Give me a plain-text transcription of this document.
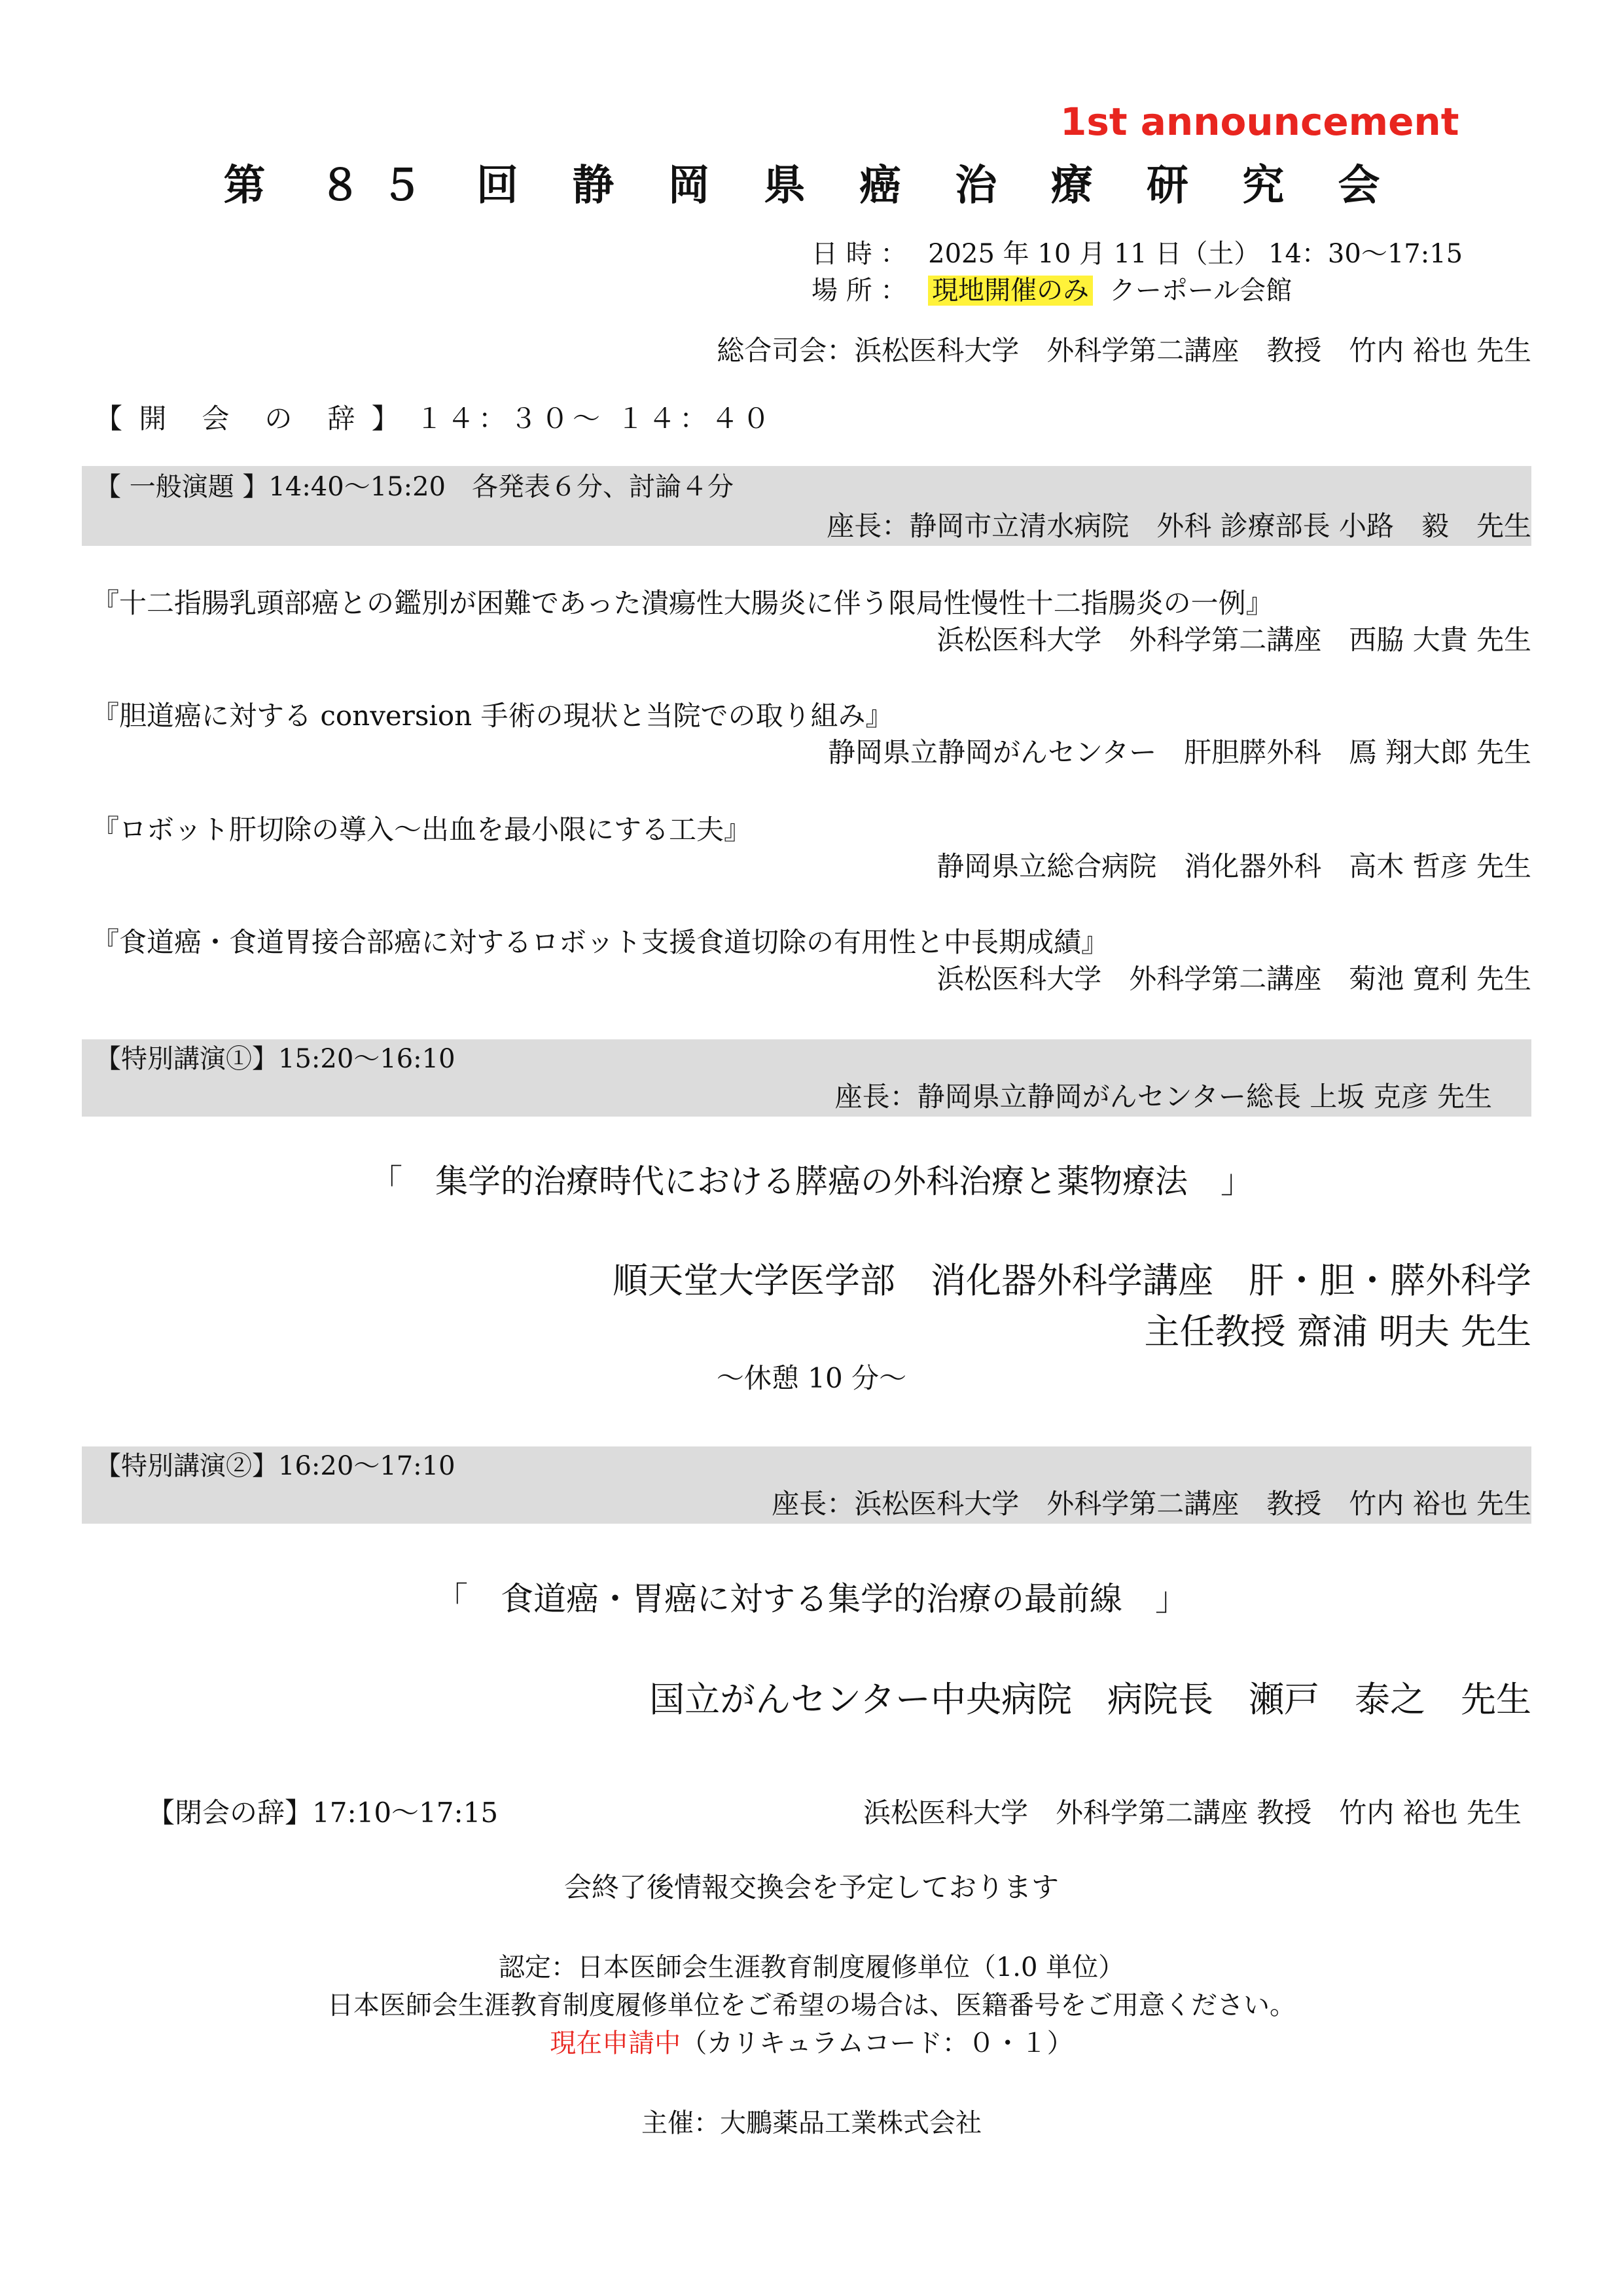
1st announcement
第 ８５ 回 静 岡 県 癌 治 療 研 究 会
日 時 ： 2025 年 10 月 11 日（土） 14：30〜17:15
場 所 ： 現地開催のみ クーポール会館
総合司会：浜松医科大学　外科学第二講座　教授　竹内 裕也 先生
【 開　会　の　辞 】 １４：３０〜 １４：４０
【 一般演題 】14:40〜15:20　各発表６分、討論４分
座長：静岡市立清水病院　外科 診療部長 小路　毅　先生
『十二指腸乳頭部癌との鑑別が困難であった潰瘍性大腸炎に伴う限局性慢性十二指腸炎の一例』
浜松医科大学　外科学第二講座　西脇 大貴 先生
『胆道癌に対する conversion 手術の現状と当院での取り組み』
静岡県立静岡がんセンター　肝胆膵外科　鳫 翔大郎 先生
『ロボット肝切除の導入〜出血を最小限にする工夫』
静岡県立総合病院　消化器外科　高木 哲彦 先生
『食道癌・食道胃接合部癌に対するロボット支援食道切除の有用性と中長期成績』
浜松医科大学　外科学第二講座　菊池 寛利 先生
【特別講演①】15:20〜16:10
座長：静岡県立静岡がんセンター総長 上坂 克彦 先生
「　集学的治療時代における膵癌の外科治療と薬物療法　」
順天堂大学医学部　消化器外科学講座　肝・胆・膵外科学
主任教授 齋浦 明夫 先生
〜休憩 10 分〜
【特別講演②】16:20〜17:10
座長：浜松医科大学　外科学第二講座　教授　竹内 裕也 先生
「　食道癌・胃癌に対する集学的治療の最前線　」
国立がんセンター中央病院　病院長　瀬戸　泰之　先生
【閉会の辞】17:10〜17:15	浜松医科大学　外科学第二講座 教授　竹内 裕也 先生
会終了後情報交換会を予定しております
認定：日本医師会生涯教育制度履修単位（1.0 単位）
日本医師会生涯教育制度履修単位をご希望の場合は、医籍番号をご用意ください。
現在申請中（カリキュラムコード：０・１）
主催：大鵬薬品工業株式会社
